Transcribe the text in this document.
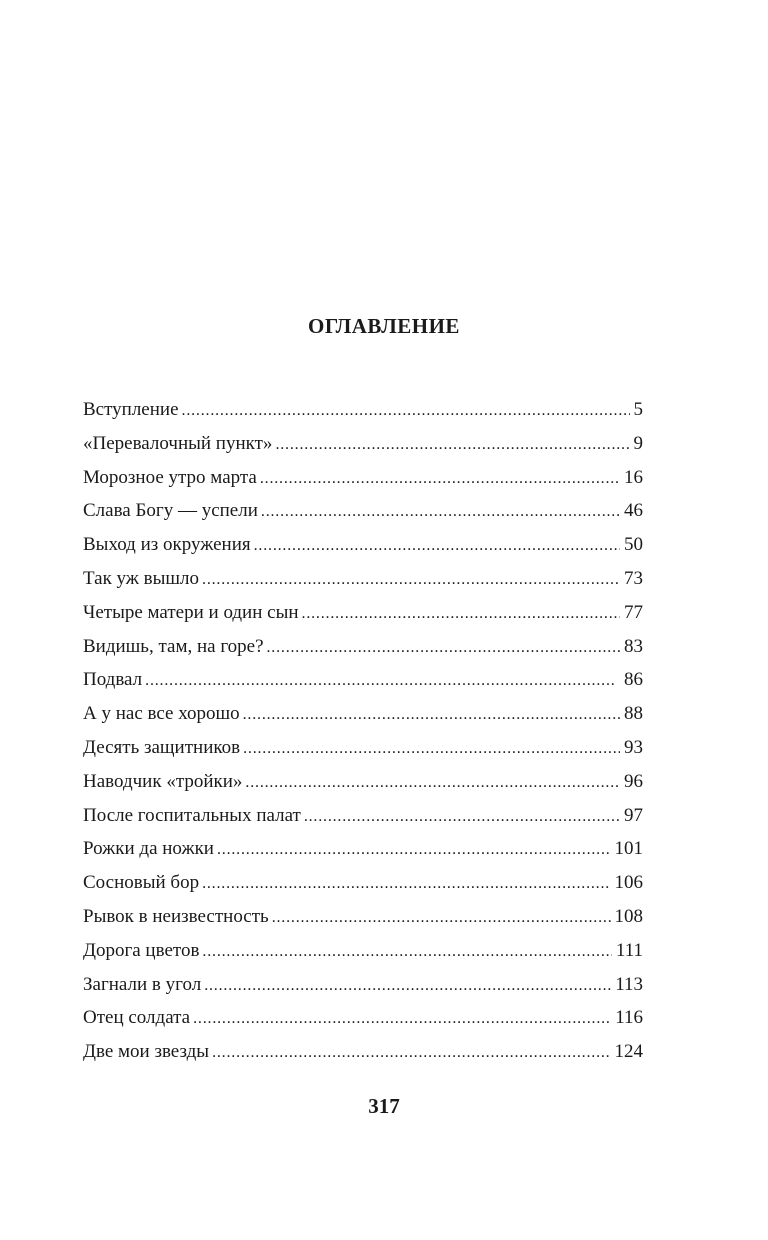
ОГЛАВЛЕНИЕ
Вступление . . .	5
«Перевалочный пункт» . . .	9
Морозное утро марта . . .	16
Слава Богу — успели . . .	46
Выход из окружения . . .	50
Так уж вышло . . .	73
Четыре матери и один сын . . .	77
Видишь, там, на горе? . . .	83
Подвал . . .	86
А у нас все хорошо . . .	88
Десять защитников . . .	93
Наводчик «тройки» . . .	96
После госпитальных палат . . .	97
Рожки да ножки . . .	101
Сосновый бор . . .	106
Рывок в неизвестность . . .	108
Дорога цветов . . .	111
Загнали в угол . . .	113
Отец солдата . . .	116
Две мои звезды . . .	124
317
